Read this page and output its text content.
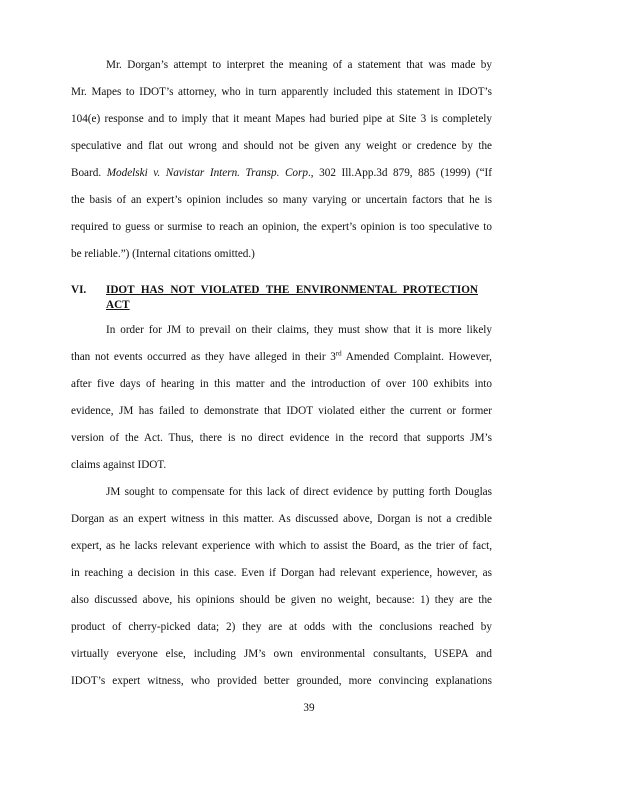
Mr. Dorgan’s attempt to interpret the meaning of a statement that was made by
Mr. Mapes to IDOT’s attorney, who in turn apparently included this statement in IDOT’s
104(e) response and to imply that it meant Mapes had buried pipe at Site 3 is completely
speculative and flat out wrong and should not be given any weight or credence by the
Board. Modelski v. Navistar Intern. Transp. Corp., 302 Ill.App.3d 879, 885 (1999) (“If
the basis of an expert’s opinion includes so many varying or uncertain factors that he is
required to guess or surmise to reach an opinion, the expert’s opinion is too speculative to
be reliable.”) (Internal citations omitted.)
VI. IDOT HAS NOT VIOLATED THE ENVIRONMENTAL PROTECTION
ACT
In order for JM to prevail on their claims, they must show that it is more likely
than not events occurred as they have alleged in their 3rd Amended Complaint. However,
after five days of hearing in this matter and the introduction of over 100 exhibits into
evidence, JM has failed to demonstrate that IDOT violated either the current or former
version of the Act. Thus, there is no direct evidence in the record that supports JM’s
claims against IDOT.
JM sought to compensate for this lack of direct evidence by putting forth Douglas
Dorgan as an expert witness in this matter. As discussed above, Dorgan is not a credible
expert, as he lacks relevant experience with which to assist the Board, as the trier of fact,
in reaching a decision in this case. Even if Dorgan had relevant experience, however, as
also discussed above, his opinions should be given no weight, because: 1) they are the
product of cherry-picked data; 2) they are at odds with the conclusions reached by
virtually everyone else, including JM’s own environmental consultants, USEPA and
IDOT’s expert witness, who provided better grounded, more convincing explanations
39
